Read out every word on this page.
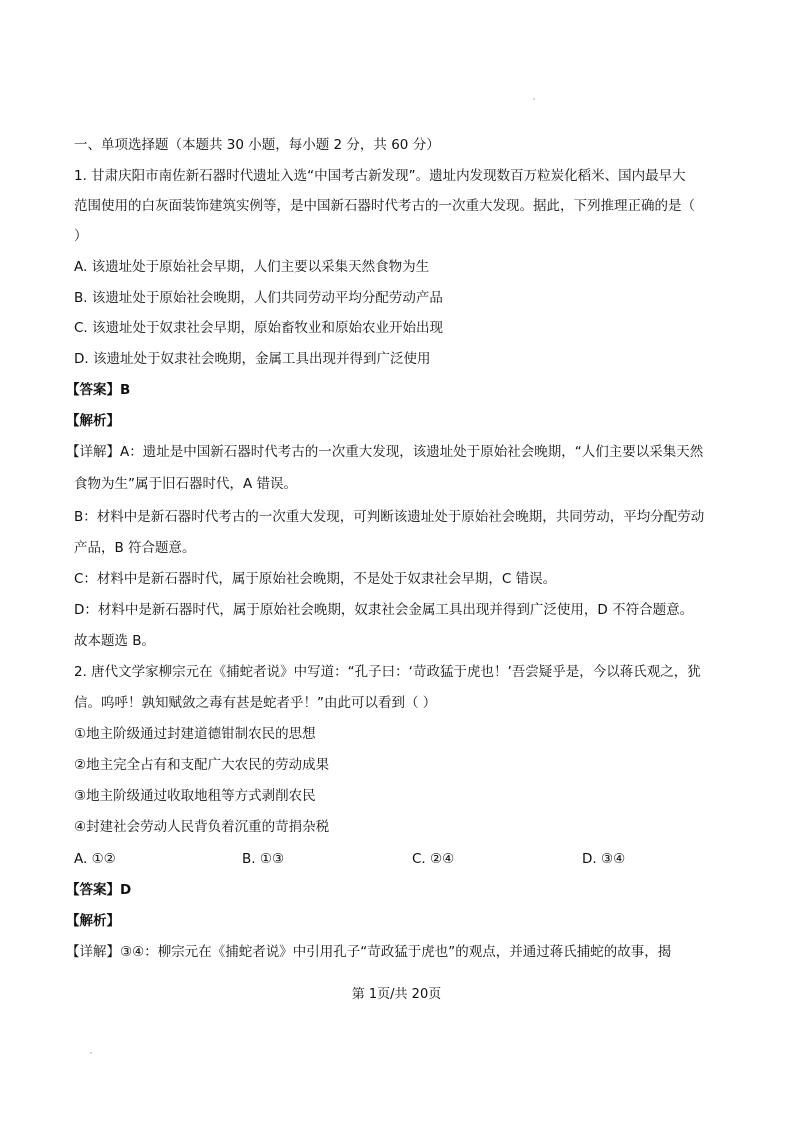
一、单项选择题（本题共 30 小题，每小题 2 分，共 60 分）
1. 甘肃庆阳市南佐新石器时代遗址入选“中国考古新发现”。遗址内发现数百万粒炭化稻米、国内最早大
范围使用的白灰面装饰建筑实例等，是中国新石器时代考古的一次重大发现。据此，下列推理正确的是（
）
A. 该遗址处于原始社会早期，人们主要以采集天然食物为生
B. 该遗址处于原始社会晚期，人们共同劳动平均分配劳动产品
C. 该遗址处于奴隶社会早期，原始畜牧业和原始农业开始出现
D. 该遗址处于奴隶社会晚期，金属工具出现并得到广泛使用
【答案】B
【解析】
【详解】A：遗址是中国新石器时代考古的一次重大发现，该遗址处于原始社会晚期，“人们主要以采集天然
食物为生”属于旧石器时代，A 错误。
B：材料中是新石器时代考古的一次重大发现，可判断该遗址处于原始社会晚期，共同劳动，平均分配劳动
产品，B 符合题意。
C：材料中是新石器时代，属于原始社会晚期，不是处于奴隶社会早期，C 错误。
D：材料中是新石器时代，属于原始社会晚期，奴隶社会金属工具出现并得到广泛使用，D 不符合题意。
故本题选 B。
2. 唐代文学家柳宗元在《捕蛇者说》中写道：“孔子曰：‘苛政猛于虎也！’吾尝疑乎是，今以蒋氏观之，犹
信。呜呼！孰知赋敛之毒有甚是蛇者乎！”由此可以看到（ ）
①地主阶级通过封建道德钳制农民的思想
②地主完全占有和支配广大农民的劳动成果
③地主阶级通过收取地租等方式剥削农民
④封建社会劳动人民背负着沉重的苛捐杂税
A. ①②	B. ①③	C. ②④	D. ③④
【答案】D
【解析】
【详解】③④：柳宗元在《捕蛇者说》中引用孔子“苛政猛于虎也”的观点，并通过蒋氏捕蛇的故事，揭
第 1页/共 20页
